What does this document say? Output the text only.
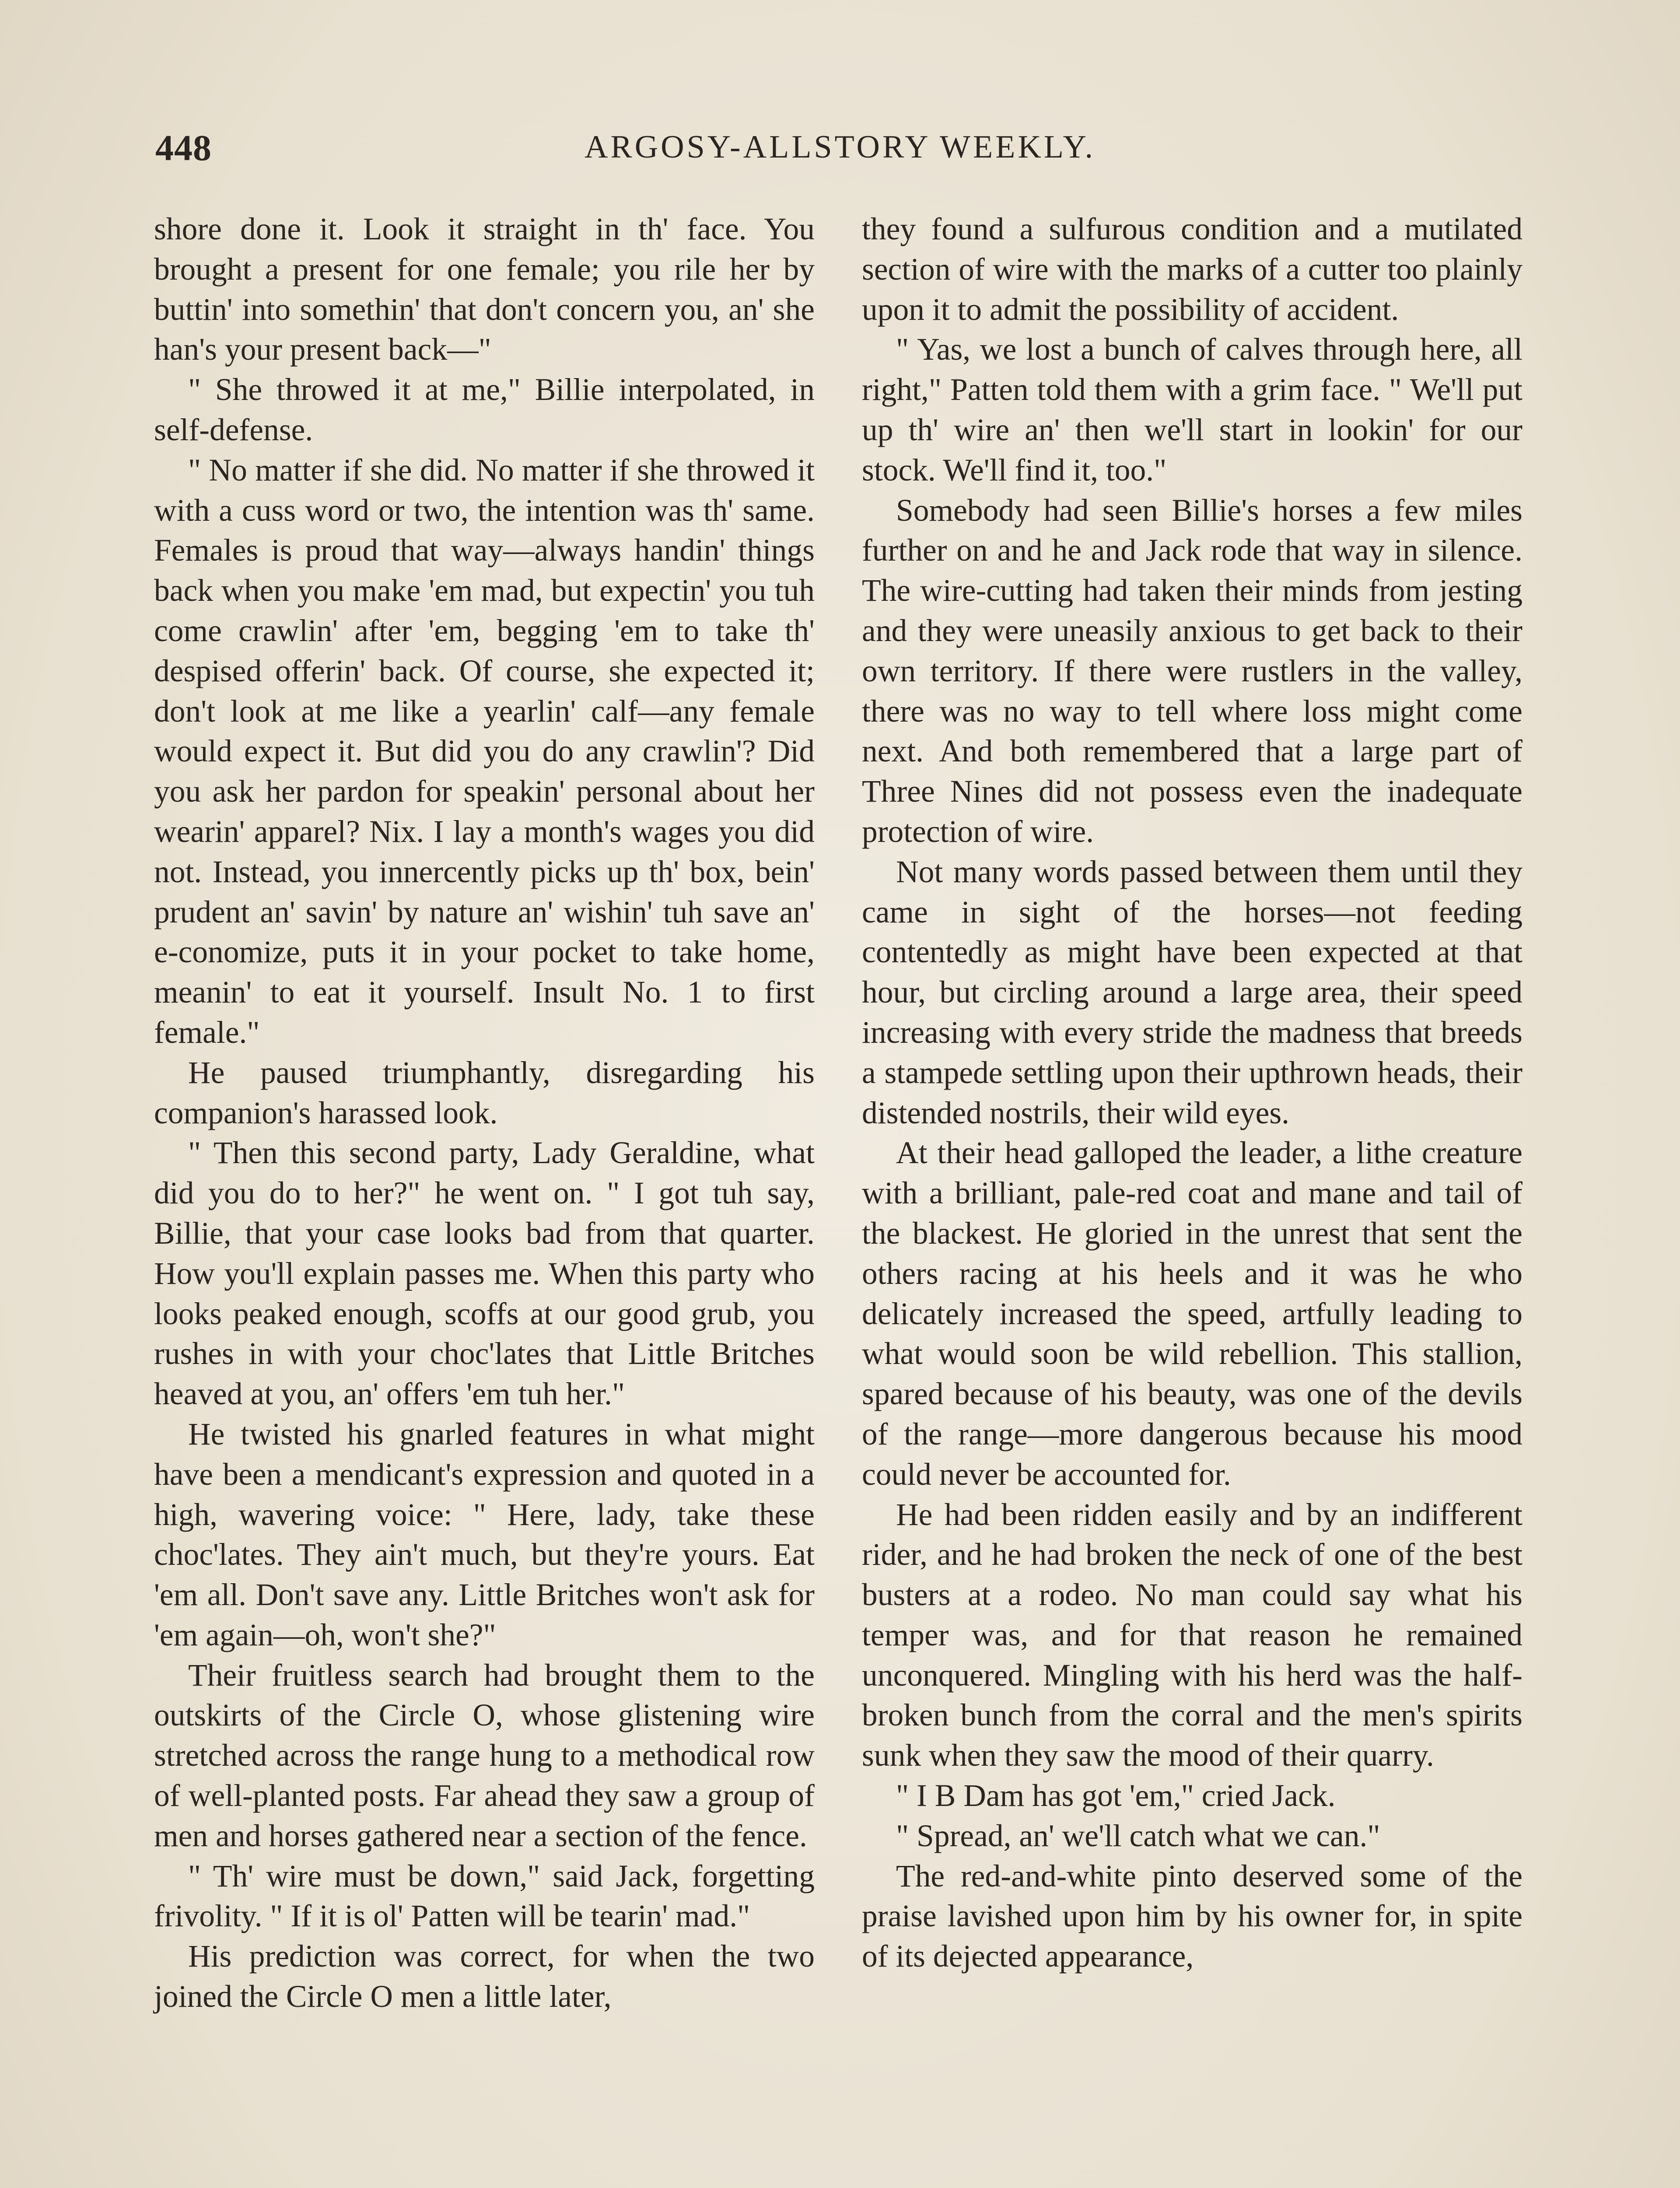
448	ARGOSY-ALLSTORY WEEKLY.

shore done it. Look it straight in th' face. You brought a present for one female; you rile her by buttin' into somethin' that don't concern you, an' she han's your present back—"

" She throwed it at me," Billie interpolated, in self-defense.

" No matter if she did. No matter if she throwed it with a cuss word or two, the intention was th' same. Females is proud that way—always handin' things back when you make 'em mad, but expectin' you tuh come crawlin' after 'em, begging 'em to take th' despised offerin' back. Of course, she expected it; don't look at me like a yearlin' calf—any female would expect it. But did you do any crawlin'? Did you ask her pardon for speakin' personal about her wearin' apparel? Nix. I lay a month's wages you did not. Instead, you innercently picks up th' box, bein' prudent an' savin' by nature an' wishin' tuh save an' e-conomize, puts it in your pocket to take home, meanin' to eat it yourself. Insult No. 1 to first female."

He paused triumphantly, disregarding his companion's harassed look.

" Then this second party, Lady Geraldine, what did you do to her?" he went on. " I got tuh say, Billie, that your case looks bad from that quarter. How you'll explain passes me. When this party who looks peaked enough, scoffs at our good grub, you rushes in with your choc'lates that Little Britches heaved at you, an' offers 'em tuh her."

He twisted his gnarled features in what might have been a mendicant's expression and quoted in a high, wavering voice: " Here, lady, take these choc'lates. They ain't much, but they're yours. Eat 'em all. Don't save any. Little Britches won't ask for 'em again—oh, won't she?"

Their fruitless search had brought them to the outskirts of the Circle O, whose glistening wire stretched across the range hung to a methodical row of well-planted posts. Far ahead they saw a group of men and horses gathered near a section of the fence.

" Th' wire must be down," said Jack, forgetting frivolity. " If it is ol' Patten will be tearin' mad."

His prediction was correct, for when the two joined the Circle O men a little later,

they found a sulfurous condition and a mutilated section of wire with the marks of a cutter too plainly upon it to admit the possibility of accident.

" Yas, we lost a bunch of calves through here, all right," Patten told them with a grim face. " We'll put up th' wire an' then we'll start in lookin' for our stock. We'll find it, too."

Somebody had seen Billie's horses a few miles further on and he and Jack rode that way in silence. The wire-cutting had taken their minds from jesting and they were uneasily anxious to get back to their own territory. If there were rustlers in the valley, there was no way to tell where loss might come next. And both remembered that a large part of Three Nines did not possess even the inadequate protection of wire.

Not many words passed between them until they came in sight of the horses—not feeding contentedly as might have been expected at that hour, but circling around a large area, their speed increasing with every stride the madness that breeds a stampede settling upon their upthrown heads, their distended nostrils, their wild eyes.

At their head galloped the leader, a lithe creature with a brilliant, pale-red coat and mane and tail of the blackest. He gloried in the unrest that sent the others racing at his heels and it was he who delicately increased the speed, artfully leading to what would soon be wild rebellion. This stallion, spared because of his beauty, was one of the devils of the range—more dangerous because his mood could never be accounted for.

He had been ridden easily and by an indifferent rider, and he had broken the neck of one of the best busters at a rodeo. No man could say what his temper was, and for that reason he remained unconquered. Mingling with his herd was the half-broken bunch from the corral and the men's spirits sunk when they saw the mood of their quarry.

" I B Dam has got 'em," cried Jack.

" Spread, an' we'll catch what we can."

The red-and-white pinto deserved some of the praise lavished upon him by his owner for, in spite of its dejected appearance,
